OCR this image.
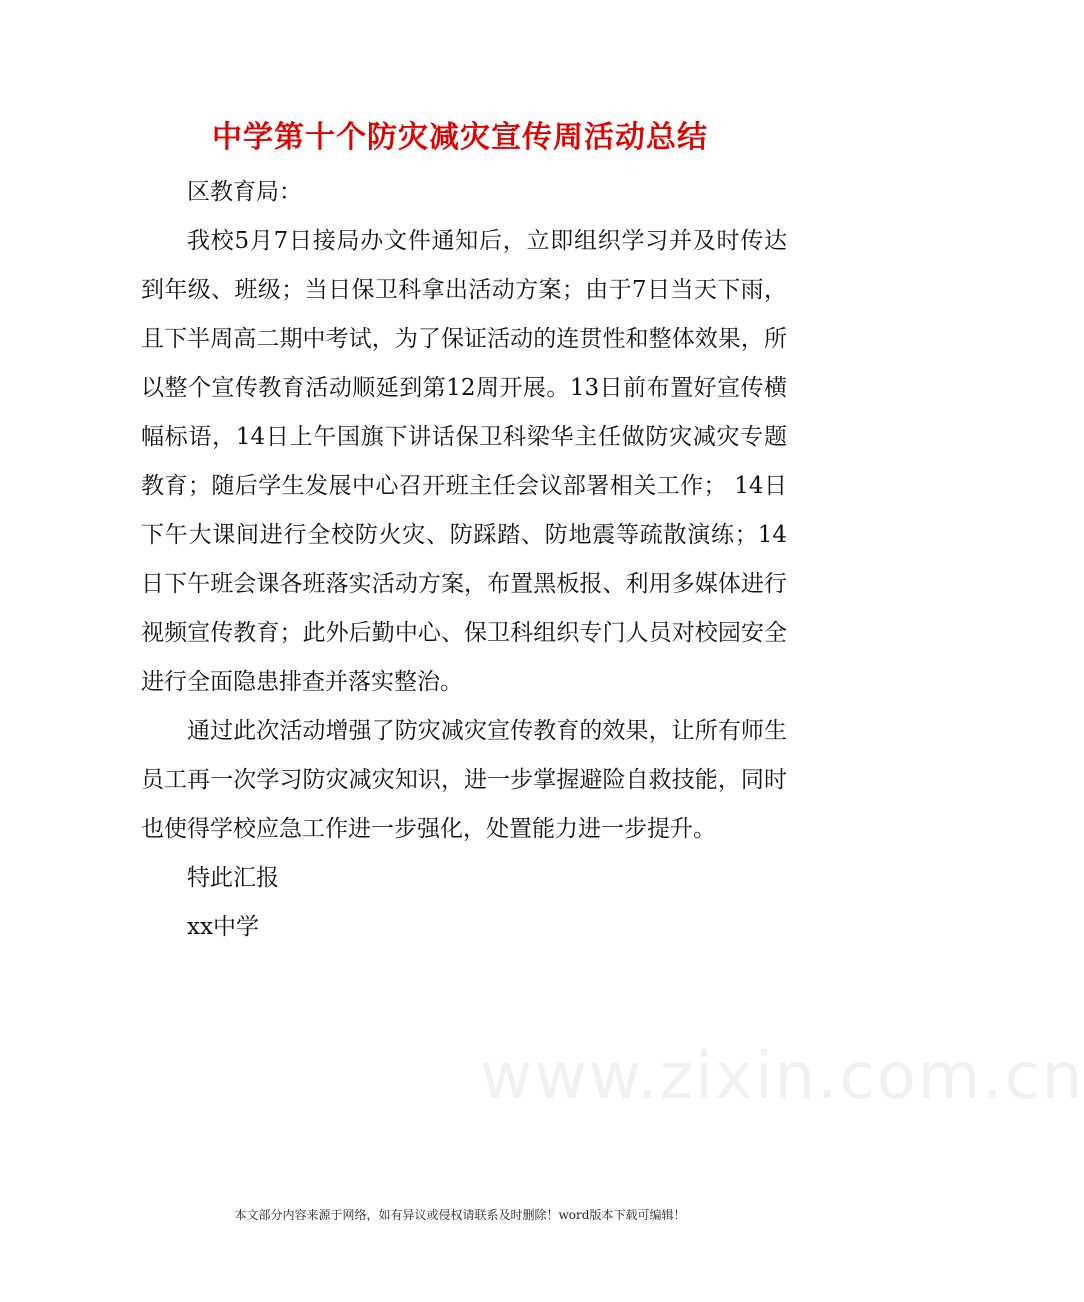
中学第十个防灾减灾宣传周活动总结

区教育局：

我校5月7日接局办文件通知后，立即组织学习并及时传达到年级、班级；当日保卫科拿出活动方案；由于7日当天下雨，且下半周高二期中考试，为了保证活动的连贯性和整体效果，所以整个宣传教育活动顺延到第12周开展。13日前布置好宣传横幅标语，14日上午国旗下讲话保卫科梁华主任做防灾减灾专题教育；随后学生发展中心召开班主任会议部署相关工作； 14日下午大课间进行全校防火灾、防踩踏、防地震等疏散演练；14日下午班会课各班落实活动方案，布置黑板报、利用多媒体进行视频宣传教育；此外后勤中心、保卫科组织专门人员对校园安全进行全面隐患排查并落实整治。

通过此次活动增强了防灾减灾宣传教育的效果，让所有师生员工再一次学习防灾减灾知识，进一步掌握避险自救技能，同时也使得学校应急工作进一步强化，处置能力进一步提升。

特此汇报

xx中学

www.zixin.com.cn
本文部分内容来源于网络，如有异议或侵权请联系及时删除！word版本下载可编辑！
